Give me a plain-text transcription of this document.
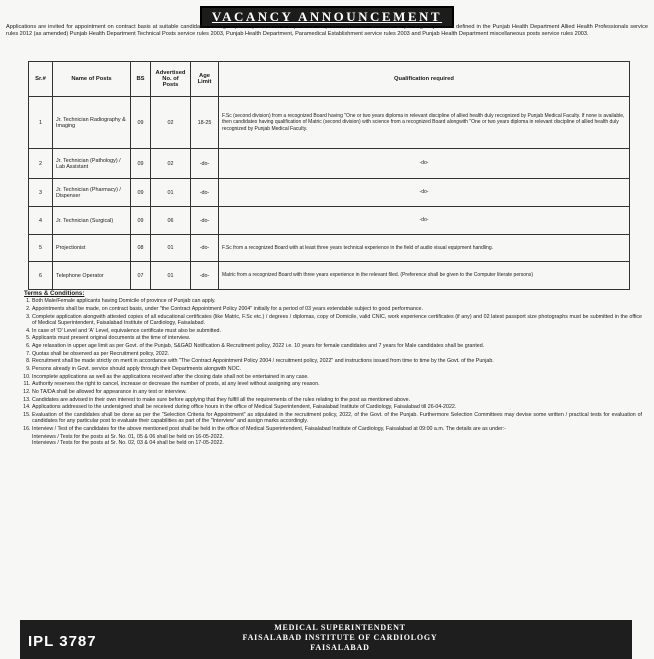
VACANCY ANNOUNCEMENT
Applications are invited for appointment on contract basis at suitable candidates having required qualification & experience for posts mentioned hereunder as per eligibility criteria defined in the Punjab Health Department Allied Health Professionals service rules 2012 (as amended) Punjab Health Department Technical Posts service rules 2003, Punjab Health Department, Paramedical Establishment service rules 2003 and Punjab Health Department miscellaneous posts service rules 2003.
Sr.#	Name of Posts	BS	Advertised No. of Posts	Age Limit	Qualification required
1	Jr. Technician Radiography & Imaging	09	02	18-25	F.Sc (second division) from a recognized Board having "One or two years diploma in relevant discipline of allied health duly recognized by Punjab Medical Faculty. If none is available, then candidates having qualification of Matric (second division) with science from a recognized Board alongwith "One or two years diploma in relevant discipline of allied health duly recognized by Punjab Medical Faculty.
2	Jr. Technician (Pathology) / Lab Assistant	09	02	-do-	-do-
3	Jr. Technician (Pharmacy) / Dispenser	09	01	-do-	-do-
4	Jr. Technician (Surgical)	09	06	-do-	-do-
5	Projectionist	08	01	-do-	F.Sc from a recognized Board with at least three years technical experience in the field of audio visual equipment handling.
6	Telephone Operator	07	01	-do-	Matric from a recognized Board with three years experience in the relevant filed. (Preference shall be given to the Computer literate persons)
Terms & Conditions:
1. Both Male/Female applicants having Domicile of province of Punjab can apply.
2. Appointments shall be made, on contract basis, under "the Contract Appointment Policy 2004" initially for a period of 03 years extendable subject to good performance.
3. Complete application alongwith attested copies of all educational certificates (like Matric, F.Sc etc.) / degrees / diplomas, copy of Domicile, valid CNIC, work experience certificates (if any) and 02 latest passport size photographs must be submitted in the office of Medical Superintendent, Faisalabad Institute of Cardiology, Faisalabad.
4. In case of 'O' Level and 'A' Level, equivalence certificate must also be submitted.
5. Applicants must present original documents at the time of interview.
6. Age relaxation in upper age limit as per Govt. of the Punjab, S&GAD Notification & Recruitment policy, 2022 i.e. 10 years for female candidates and 7 years for Male candidates shall be granted.
7. Quotas shall be observed as per Recruitment policy, 2022.
8. Recruitment shall be made strictly on merit in accordance with "The Contract Appointment Policy 2004 / recruitment policy, 2022" and instructions issued from time to time by the Govt. of the Punjab.
9. Persons already in Govt. service should apply through their Departments alongwith NOC.
10. Incomplete applications as well as the applications received after the closing date shall not be entertained in any case.
11. Authority reserves the right to cancel, increase or decrease the number of posts, at any level without assigning any reason.
12. No TA/DA shall be allowed for appearance in any test or interview.
13. Candidates are advised in their own interest to make sure before applying that they fulfill all the requirements of the rules relating to the post as mentioned above.
14. Applications addressed to the undersigned shall be received during office hours in the office of Medical Superintendent, Faisalabad Institute of Cardiology, Faisalabad till 26-04-2022.
15. Evaluation of the candidates shall be done as per the "Selection Criteria for Appointment" as stipulated in the recruitment policy, 2022, of the Govt. of the Punjab. Furthermore Selection Committees may devise some written / practical tests for evaluation of candidates for any particular post to evaluate their capabilities as part of the "Interview" and assign marks accordingly.
16. Interview / Test of the candidates for the above mentioned post shall be held in the office of Medical Superintendent, Faisalabad Institute of Cardiology, Faisalabad at 09:00 a.m. The details are as under:-
Interviews / Tests for the posts at Sr. No. 01, 05 & 06 shall be held on 16-05-2022.
Interviews / Tests for the posts at Sr. No. 02, 03 & 04 shall be held on 17-05-2022.
IPL 3787
MEDICAL SUPERINTENDENT
FAISALABAD INSTITUTE OF CARDIOLOGY
FAISALABAD
